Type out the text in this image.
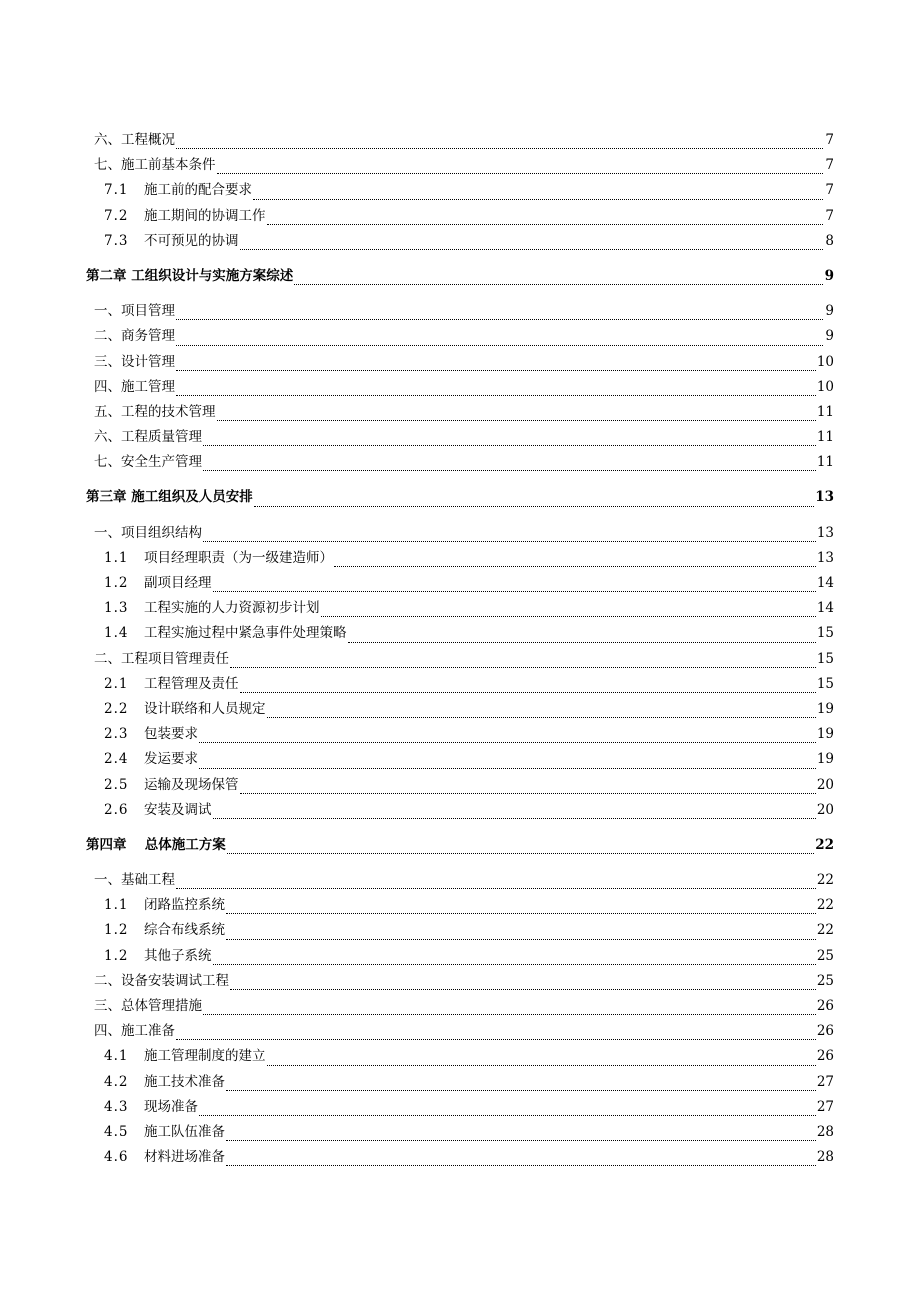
六、工程概况	7
七、施工前基本条件	7
7.1	施工前的配合要求	7
7.2	施工期间的协调工作	7
7.3	不可预见的协调	8
第二章 工组织设计与实施方案综述	9
一、项目管理	9
二、商务管理	9
三、设计管理	10
四、施工管理	10
五、工程的技术管理	11
六、工程质量管理	11
七、安全生产管理	11
第三章 施工组织及人员安排	13
一、项目组织结构	13
1.1	项目经理职责（为一级建造师）	13
1.2	副项目经理	14
1.3	工程实施的人力资源初步计划	14
1.4	工程实施过程中紧急事件处理策略	15
二、工程项目管理责任	15
2.1	工程管理及责任	15
2.2	设计联络和人员规定	19
2.3	包装要求	19
2.4	发运要求	19
2.5	运输及现场保管	20
2.6	安装及调试	20
第四章 　总体施工方案	22
一、基础工程	22
1.1	闭路监控系统	22
1.2	综合布线系统	22
1.2	其他子系统	25
二、设备安装调试工程	25
三、总体管理措施	26
四、施工准备	26
4.1	施工管理制度的建立	26
4.2	施工技术准备	27
4.3	现场准备	27
4.5	施工队伍准备	28
4.6	材料进场准备	28
